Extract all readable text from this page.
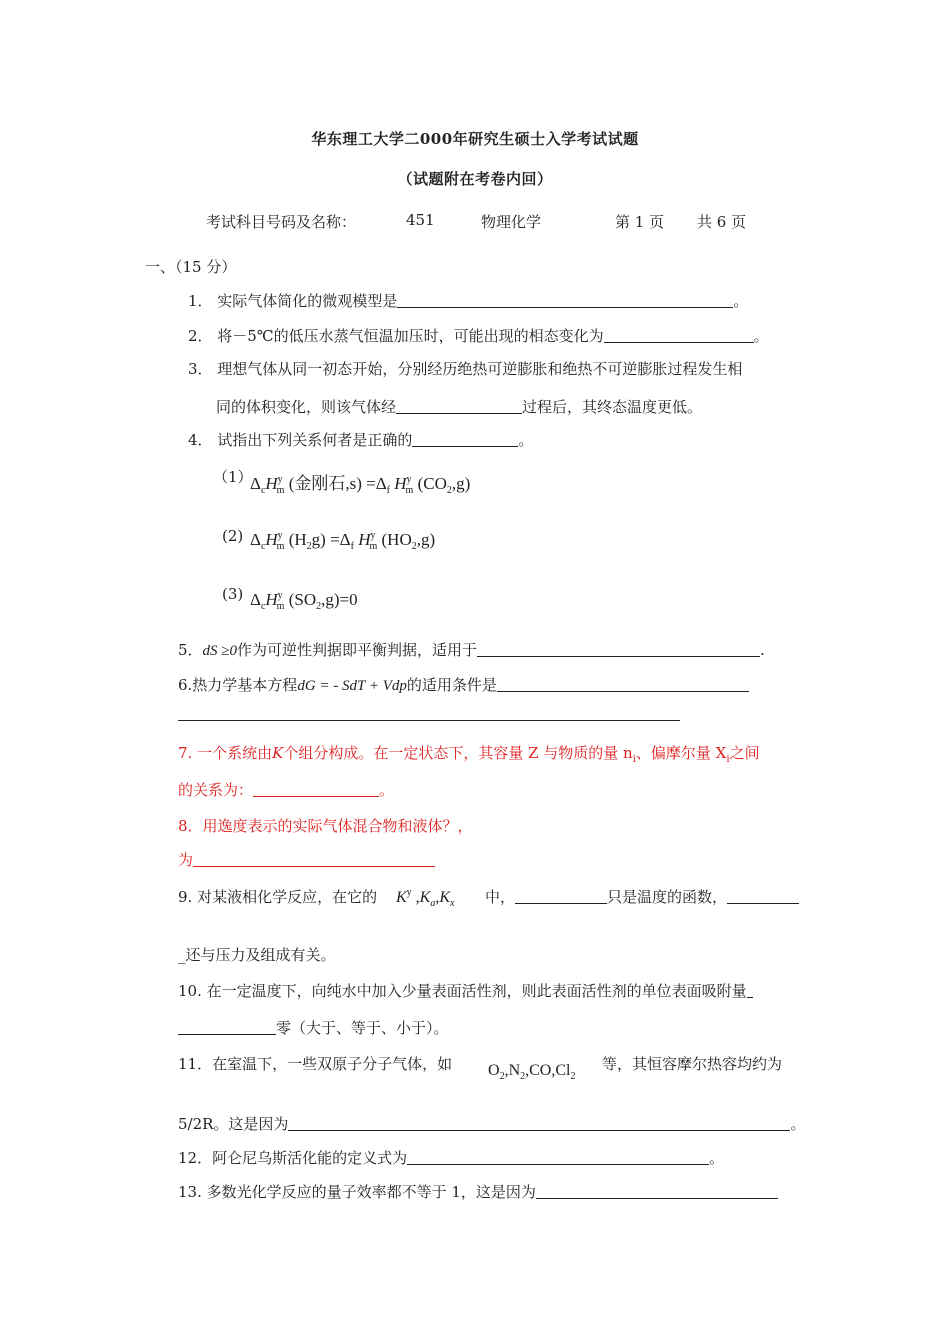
华东理工大学二000年研究生硕士入学考试试题
（试题附在考卷内回）
考试科目号码及名称：	451	物理化学	第 1 页 共 6 页
一、（15 分）
1． 实际气体简化的微观模型是	。
2． 将－5℃的低压水蒸气恒温加压时，可能出现的相态变化为	。
3． 理想气体从同一初态开始，分别经历绝热可逆膨胀和绝热不可逆膨胀过程发生相
同的体积变化，则该气体经	过程后，其终态温度更低。
4． 试指出下列关系何者是正确的	。
（1）
$\Delta_cH^y_m$ (金刚石$,s) =\Delta_f$ $H^y_m$ $(CO_2,g)$
(2) $\Delta_cH^y_m$ $(H_2g) =\Delta_f$ $H^y_m$ $(HO_2,g)$
(3) $\Delta_cH^y_m$ $(SO_2,g)=0$
5．dS ≥0作为可逆性判据即平衡判据，适用于	.
6.热力学基本方程dG = - SdT + Vdp的适用条件是
7. 一个系统由K个组分构成。在一定状态下，其容量 Z 与物质的量 $n_i$、偏摩尔量 $X_i$之间
的关系为：	。
8．用逸度表示的实际气体混合物和液体？，
为
9. 对某液相化学反应，在它的 $K^y$ $,K_a,K_x$ 中，	只是温度的函数，
_还与压力及组成有关。
10. 在一定温度下，向纯水中加入少量表面活性剂，则此表面活性剂的单位表面吸附量
零（大于、等于、小于）。
11．在室温下，一些双原子分子气体，如 $O_2,N_2,CO,Cl_2$
等，其恒容摩尔热容均约为
5/2R。这是因为	。
12．阿仑尼乌斯活化能的定义式为	。
13. 多数光化学反应的量子效率都不等于 1，这是因为
